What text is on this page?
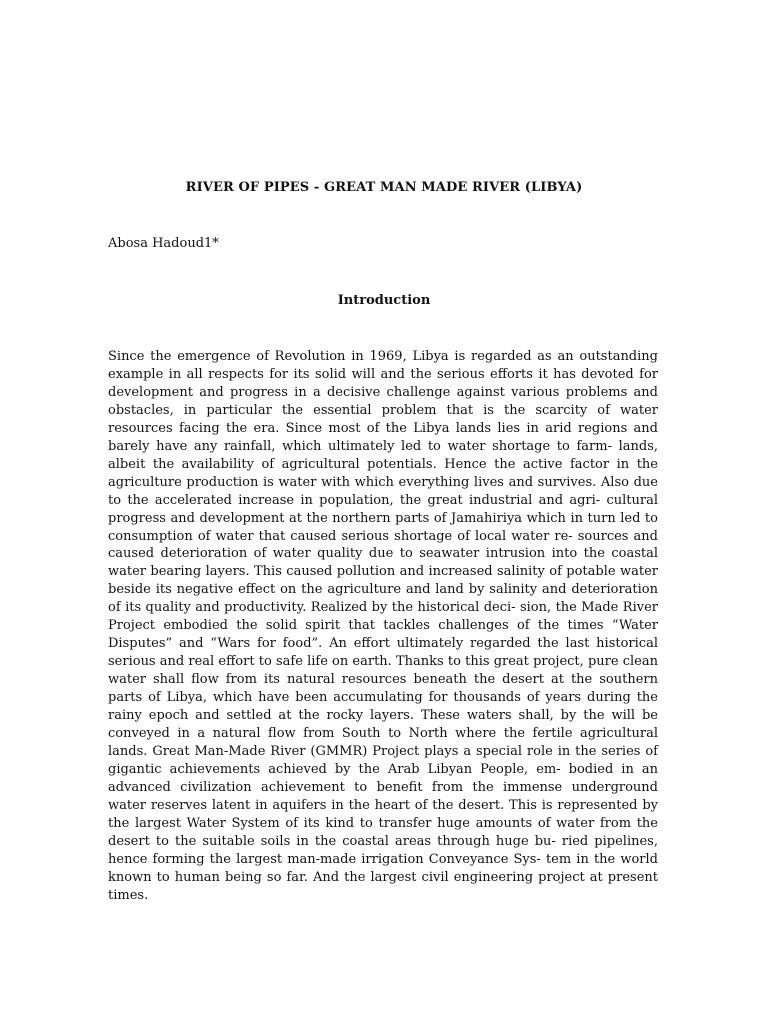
RIVER OF PIPES - GREAT MAN MADE RIVER (LIBYA)
Abosa Hadoud1*
Introduction

Since the emergence of Revolution in 1969, Libya is regarded as an outstanding example in all respects for its solid will and the serious efforts it has devoted for development and progress in a decisive challenge against various problems and obstacles, in particular the essential problem that is the scarcity of water resources facing the era. Since most of the Libya lands lies in arid regions and barely have any rainfall, which ultimately led to water shortage to farm- lands, albeit the availability of agricultural potentials. Hence the active factor in the agriculture production is water with which everything lives and survives. Also due to the accelerated increase in population, the great industrial and agri- cultural progress and development at the northern parts of Jamahiriya which in turn led to consumption of water that caused serious shortage of local water re- sources and caused deterioration of water quality due to seawater intrusion into the coastal water bearing layers. This caused pollution and increased salinity of potable water beside its negative effect on the agriculture and land by salinity and deterioration of its quality and productivity. Realized by the historical deci- sion, the Made River Project embodied the solid spirit that tackles challenges of the times “Water Disputes” and “Wars for food”. An effort ultimately regarded the last historical serious and real effort to safe life on earth. Thanks to this great project, pure clean water shall flow from its natural resources beneath the desert at the southern parts of Libya, which have been accumulating for thousands of years during the rainy epoch and settled at the rocky layers. These waters shall, by the will be conveyed in a natural flow from South to North where the fertile agricultural lands. Great Man-Made River (GMMR) Project plays a special role in the series of gigantic achievements achieved by the Arab Libyan People, em- bodied in an advanced civilization achievement to benefit from the immense underground water reserves latent in aquifers in the heart of the desert. This is represented by the largest Water System of its kind to transfer huge amounts of water from the desert to the suitable soils in the coastal areas through huge bu- ried pipelines, hence forming the largest man-made irrigation Conveyance Sys- tem in the world known to human being so far. And the largest civil engineering project at present times.
